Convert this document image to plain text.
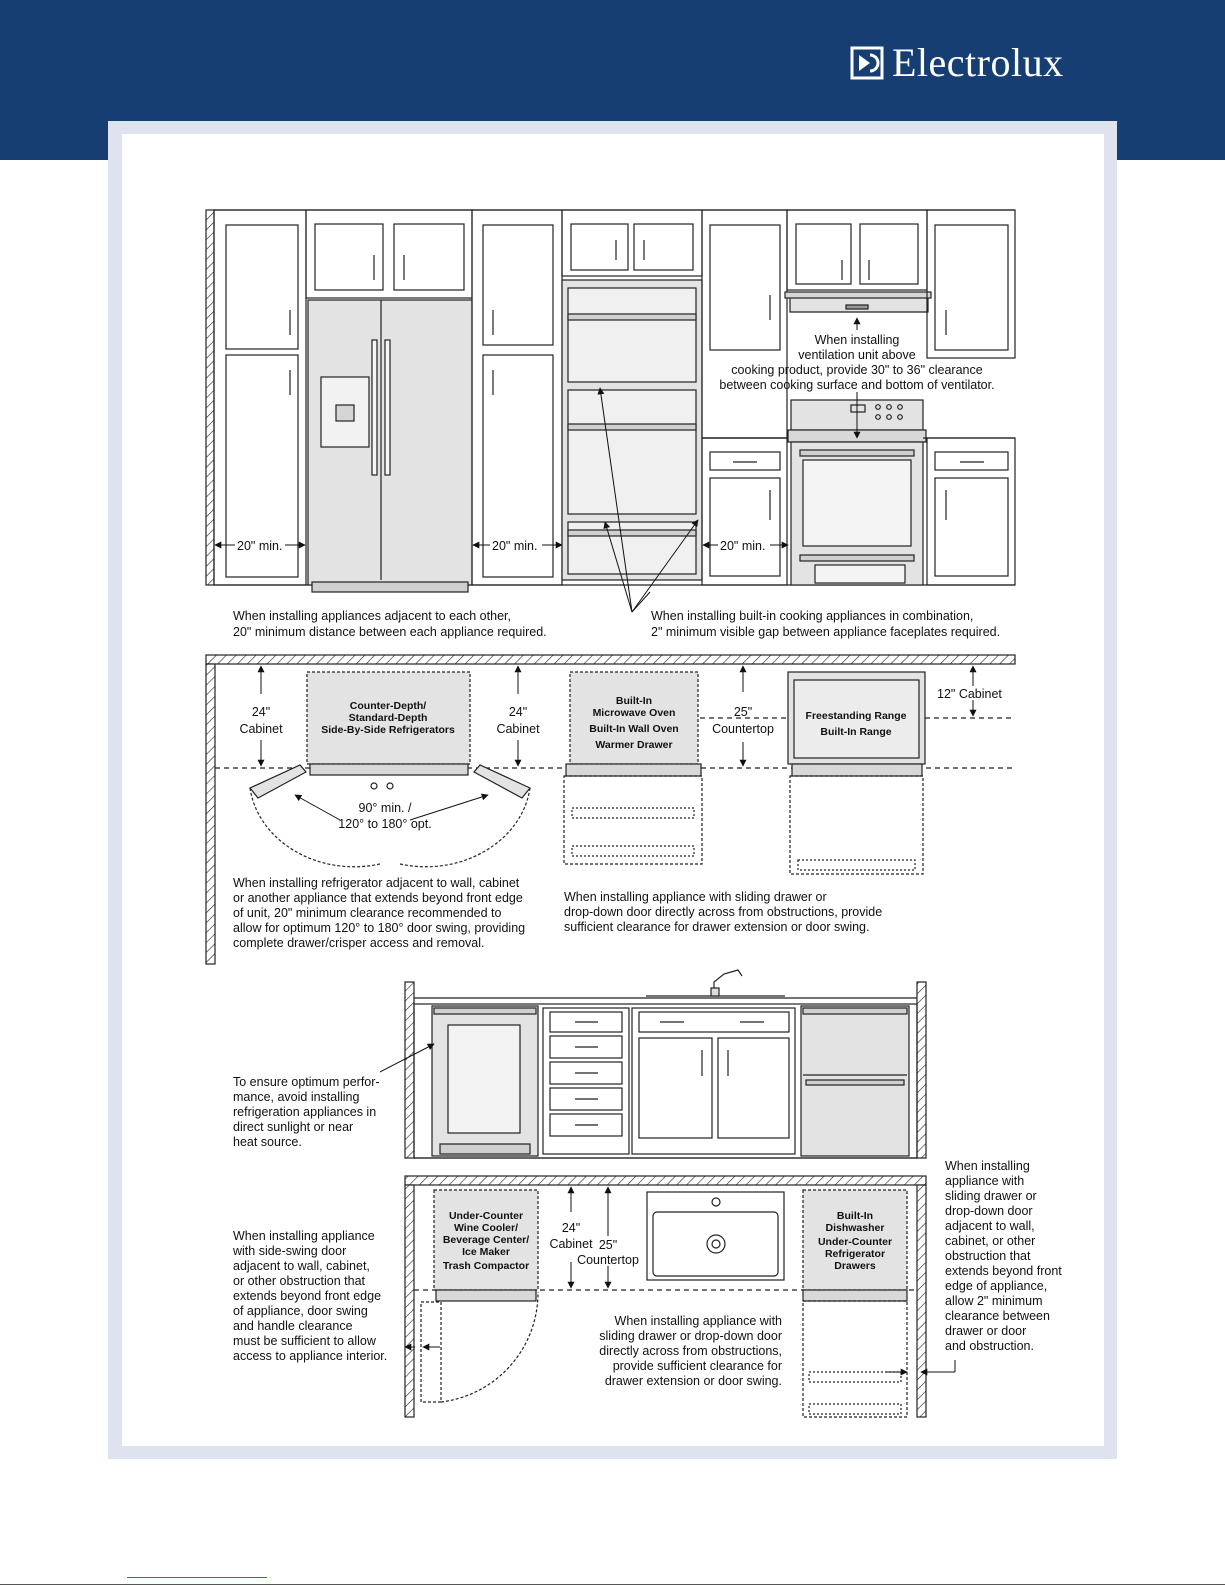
Electrolux
20" min.	20" min.	20" min.
When installing
ventilation unit above
cooking product, provide 30" to 36" clearance
between cooking surface and bottom of ventilator.
When installing appliances adjacent to each other,
20" minimum distance between each appliance required.
When installing built-in cooking appliances in combination,
2" minimum visible gap between appliance faceplates required.
24"
Cabinet
24"
Cabinet
25"
Countertop
12" Cabinet
Counter-Depth/
Standard-Depth
Side-By-Side Refrigerators
Built-In
Microwave Oven
Built-In Wall Oven
Warmer Drawer
Freestanding Range
Built-In Range
90° min. /
120° to 180° opt.
When installing refrigerator adjacent to wall, cabinet
or another appliance that extends beyond front edge
of unit, 20" minimum clearance recommended to
allow for optimum 120° to 180° door swing, providing
complete drawer/crisper access and removal.
When installing appliance with sliding drawer or
drop-down door directly across from obstructions, provide
sufficient clearance for drawer extension or door swing.
To ensure optimum perfor-
mance, avoid installing
refrigeration appliances in
direct sunlight or near
heat source.
Under-Counter
Wine Cooler/
Beverage Center/
Ice Maker
Trash Compactor
Built-In
Dishwasher
Under-Counter
Refrigerator
Drawers
24"
Cabinet 25"
Countertop
When installing appliance
with side-swing door
adjacent to wall, cabinet,
or other obstruction that
extends beyond front edge
of appliance, door swing
and handle clearance
must be sufficient to allow
access to appliance interior.
When installing appliance with
sliding drawer or drop-down door
directly across from obstructions,
provide sufficient clearance for
drawer extension or door swing.
When installing
appliance with
sliding drawer or
drop-down door
adjacent to wall,
cabinet, or other
obstruction that
extends beyond front
edge of appliance,
allow 2" minimum
clearance between
drawer or door
and obstruction.
